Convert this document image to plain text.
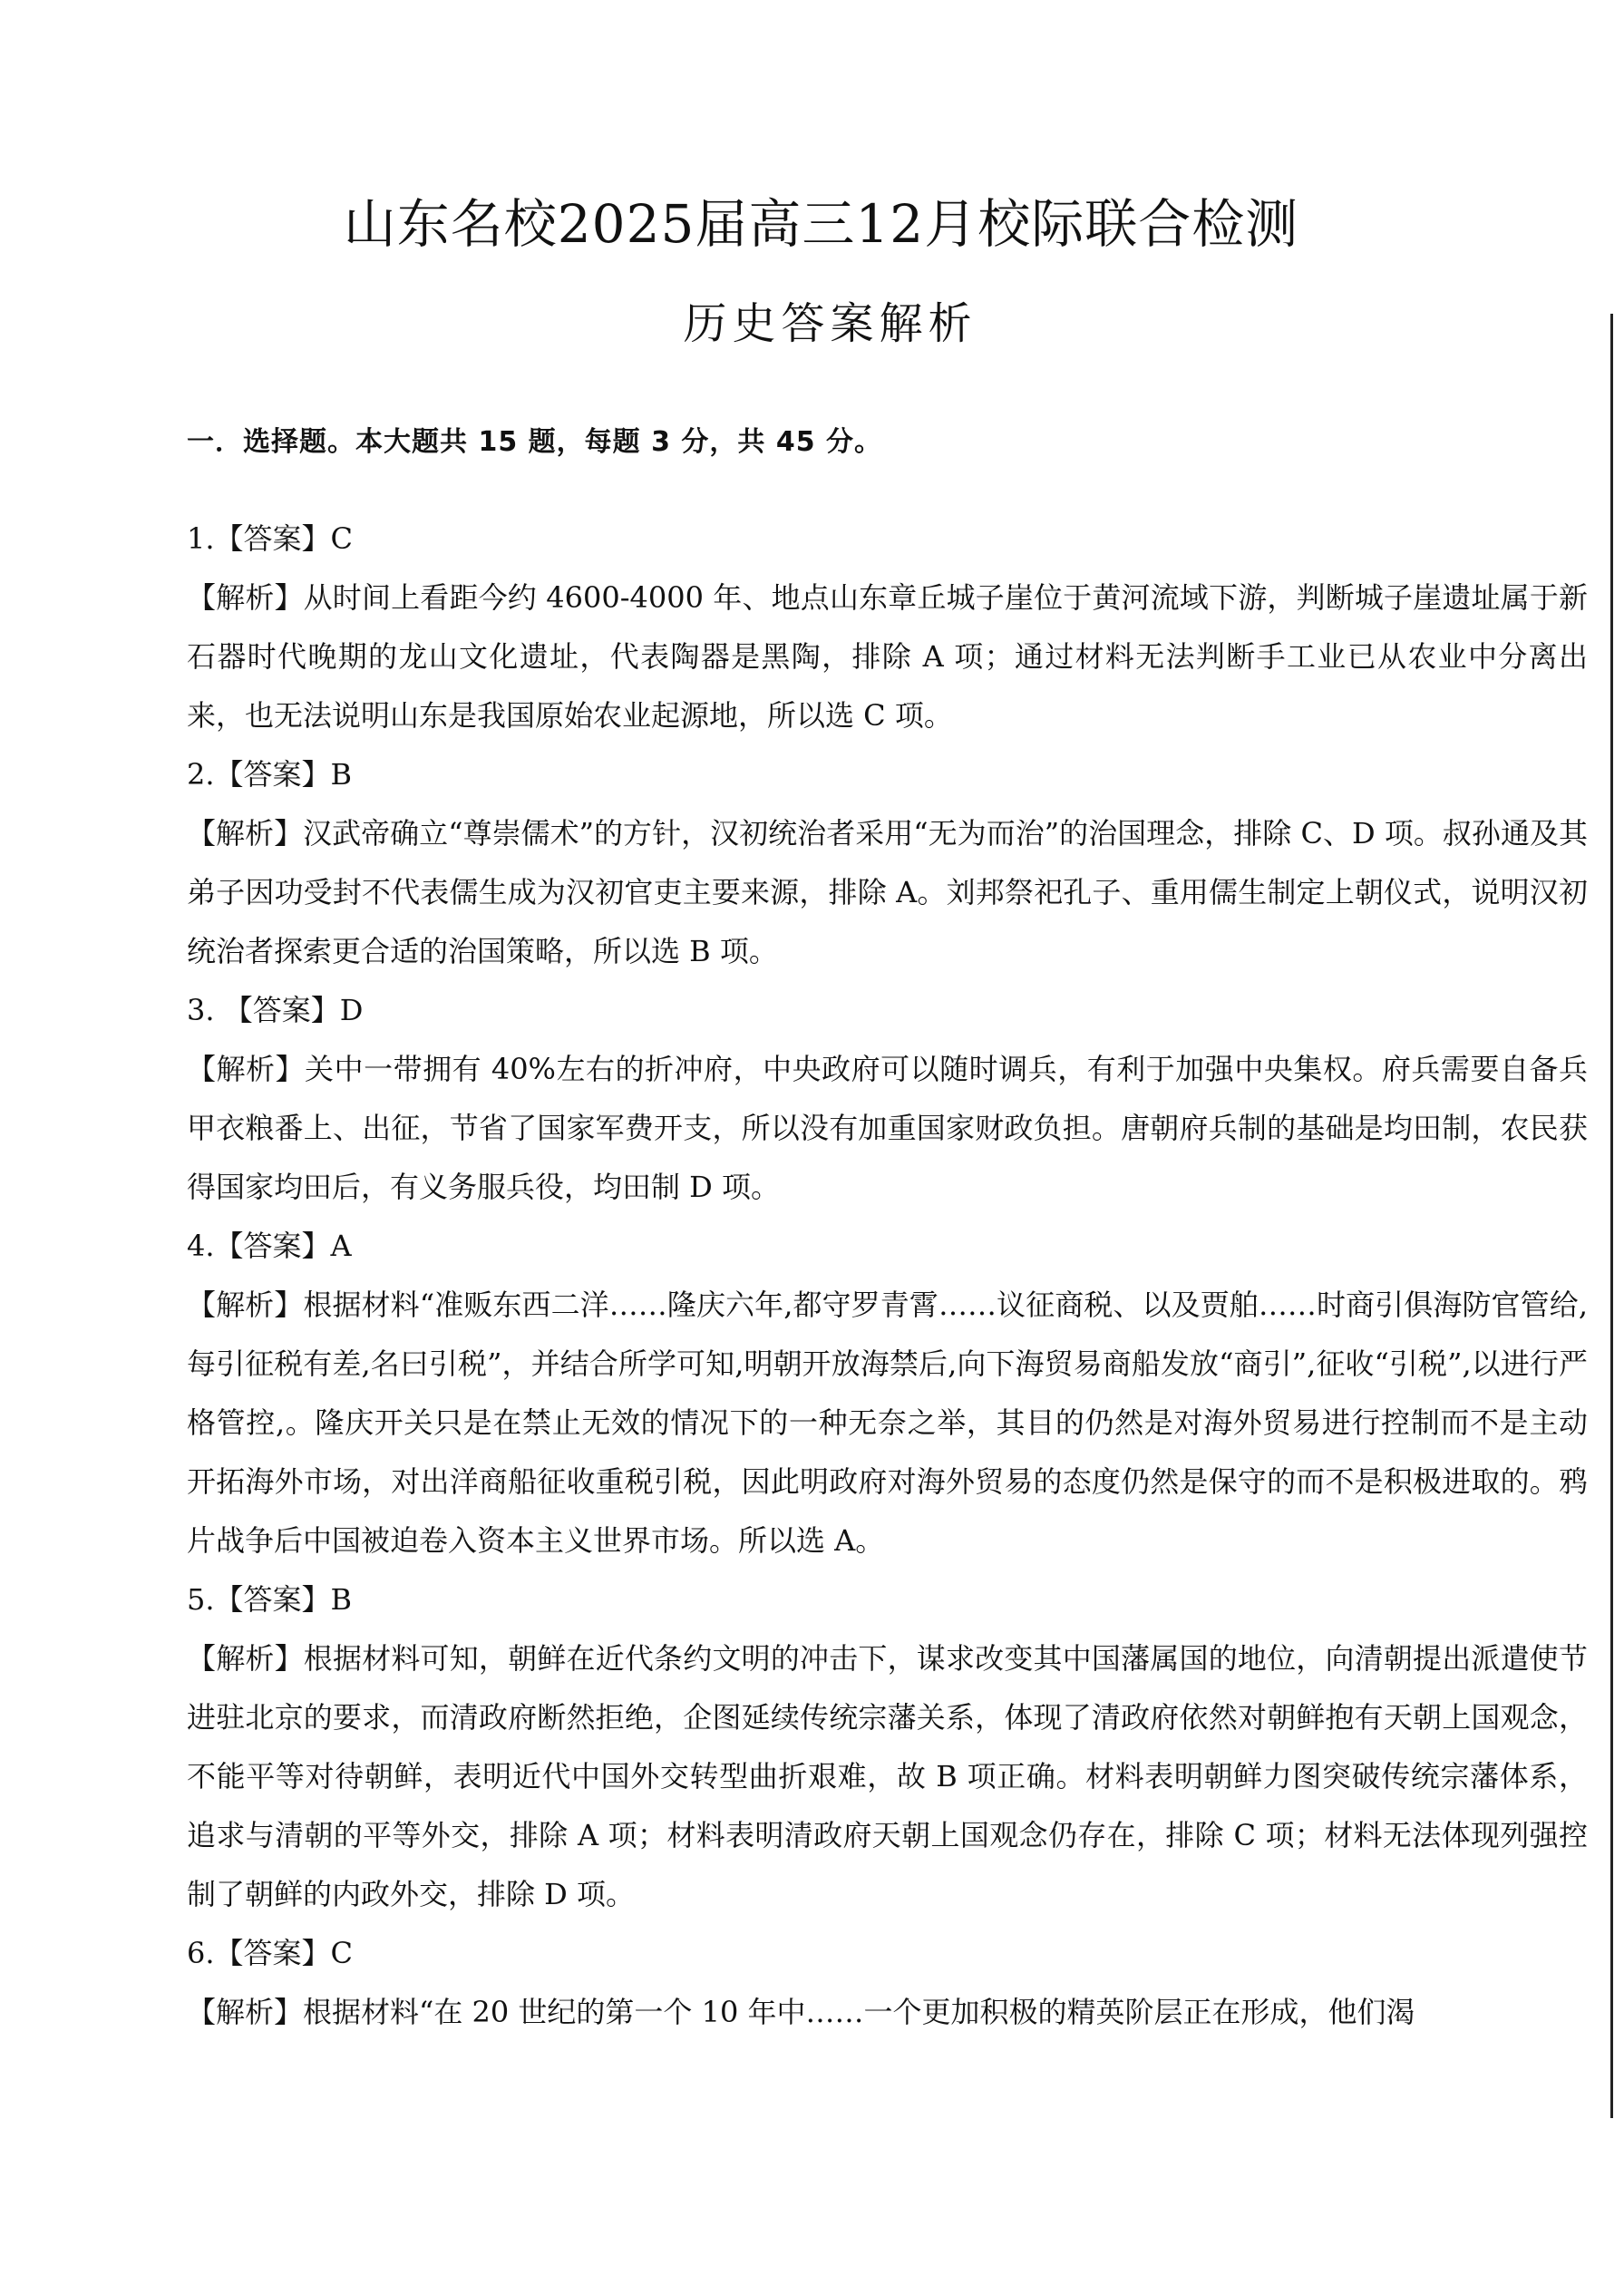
山东名校2025届高三12月校际联合检测
历史答案解析
一．选择题。本大题共 15 题，每题 3 分，共 45 分。

1.【答案】C

【解析】从时间上看距今约 4600-4000 年、地点山东章丘城子崖位于黄河流域下游，判断城子崖遗址属于新石器时代晚期的龙山文化遗址，代表陶器是黑陶，排除 A 项；通过材料无法判断手工业已从农业中分离出来，也无法说明山东是我国原始农业起源地，所以选 C 项。

2.【答案】B

【解析】汉武帝确立“尊崇儒术”的方针，汉初统治者采用“无为而治”的治国理念，排除 C、D 项。叔孙通及其弟子因功受封不代表儒生成为汉初官吏主要来源，排除 A。刘邦祭祀孔子、重用儒生制定上朝仪式，说明汉初统治者探索更合适的治国策略，所以选 B 项。

3. 【答案】D

【解析】关中一带拥有 40%左右的折冲府，中央政府可以随时调兵，有利于加强中央集权。府兵需要自备兵甲衣粮番上、出征，节省了国家军费开支，所以没有加重国家财政负担。唐朝府兵制的基础是均田制，农民获得国家均田后，有义务服兵役，均田制 D 项。

4.【答案】A

【解析】根据材料“准贩东西二洋……隆庆六年,都守罗青霄……议征商税、以及贾舶……时商引俱海防官管给,每引征税有差,名曰引税”，并结合所学可知,明朝开放海禁后,向下海贸易商船发放“商引”,征收“引税”,以进行严格管控,。隆庆开关只是在禁止无效的情况下的一种无奈之举，其目的仍然是对海外贸易进行控制而不是主动开拓海外市场，对出洋商船征收重税引税，因此明政府对海外贸易的态度仍然是保守的而不是积极进取的。鸦片战争后中国被迫卷入资本主义世界市场。所以选 A。

5.【答案】B

【解析】根据材料可知，朝鲜在近代条约文明的冲击下，谋求改变其中国藩属国的地位，向清朝提出派遣使节进驻北京的要求，而清政府断然拒绝，企图延续传统宗藩关系，体现了清政府依然对朝鲜抱有天朝上国观念，不能平等对待朝鲜，表明近代中国外交转型曲折艰难，故 B 项正确。材料表明朝鲜力图突破传统宗藩体系，追求与清朝的平等外交，排除 A 项；材料表明清政府天朝上国观念仍存在，排除 C 项；材料无法体现列强控制了朝鲜的内政外交，排除 D 项。

6.【答案】C

【解析】根据材料“在 20 世纪的第一个 10 年中……一个更加积极的精英阶层正在形成，他们渴
